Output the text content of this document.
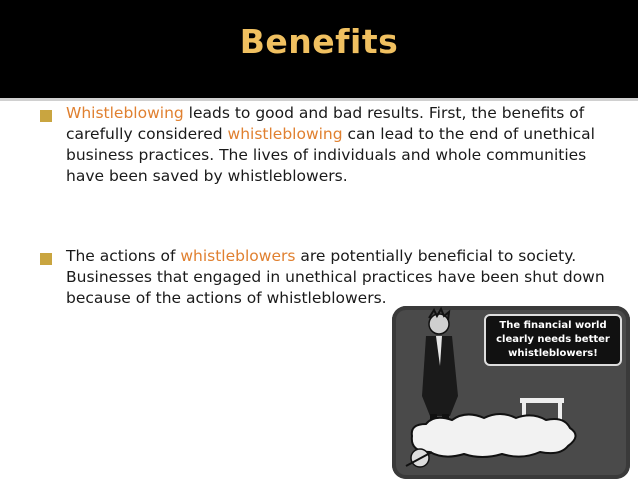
Benefits
Whistleblowing leads to good and bad results. First, the benefits of carefully considered whistleblowing can lead to the end of unethical business practices. The lives of individuals and whole communities have been saved by whistleblowers.
The actions of whistleblowers are potentially beneficial to society. Businesses that engaged in unethical practices have been shut down because of the actions of whistleblowers.
The financial world
clearly needs better
whistleblowers!
